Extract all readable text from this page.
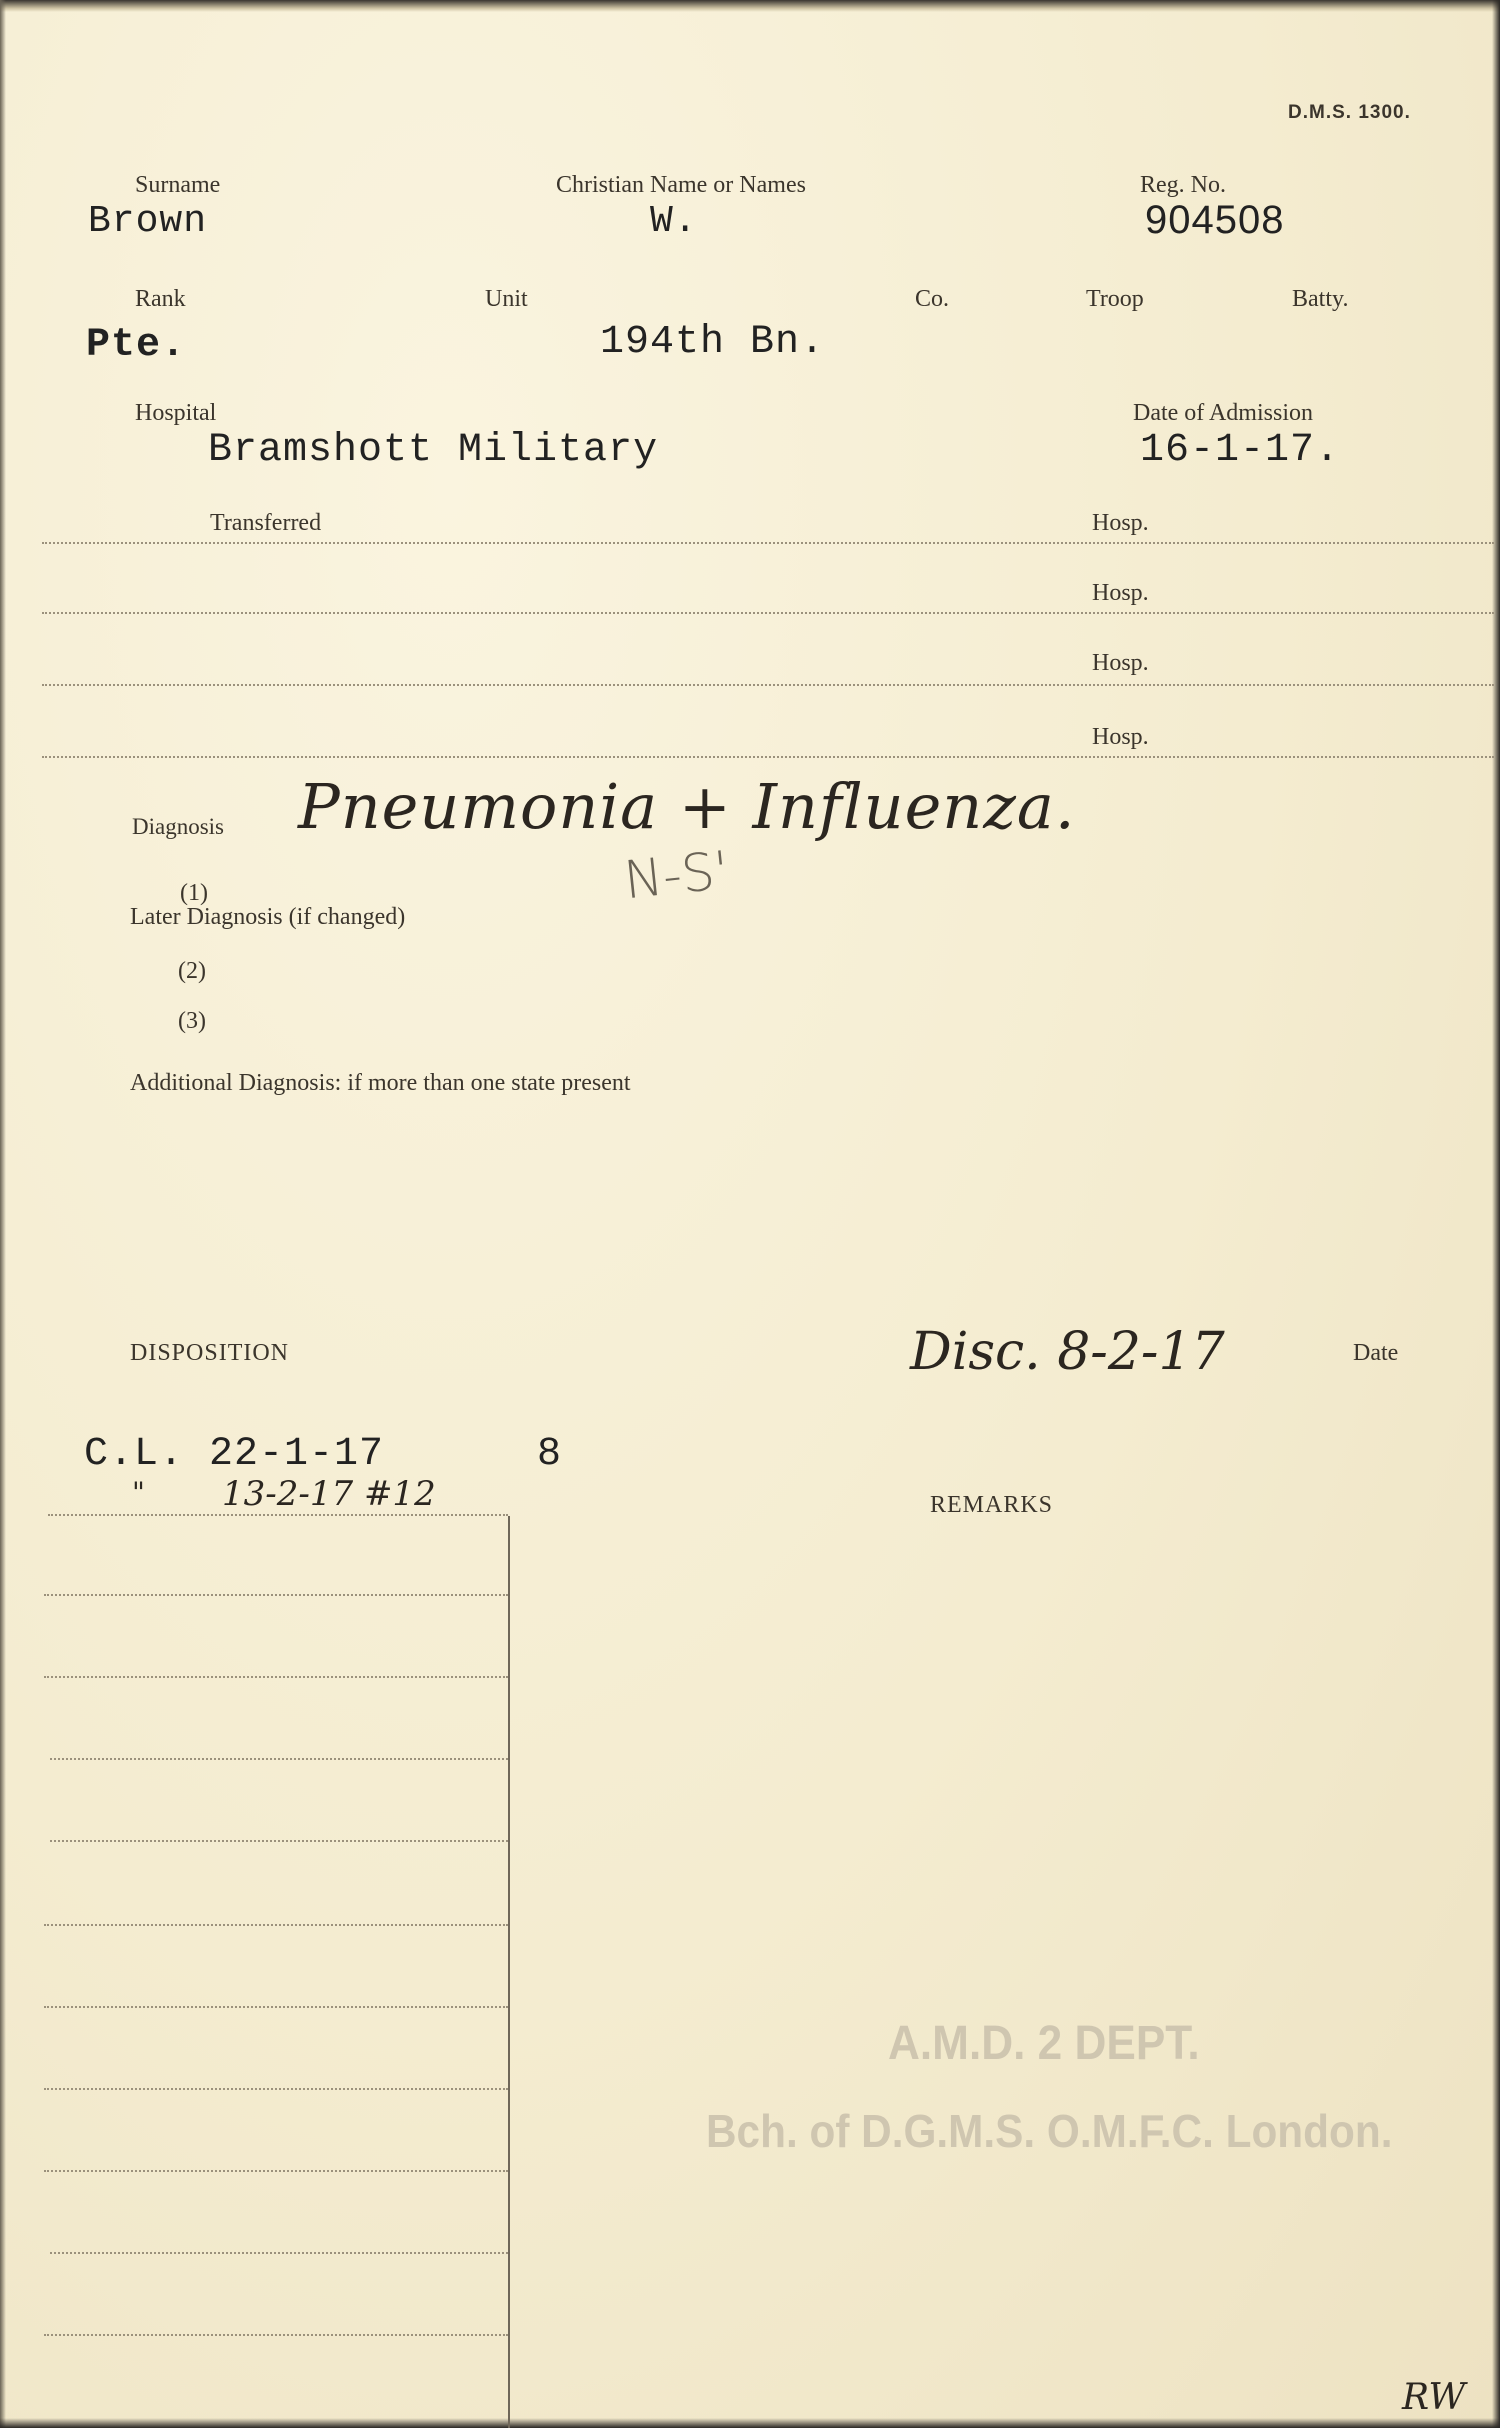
D.M.S. 1300.
Surname	Christian Name or Names	Reg. No.
Brown	W.	904508
Rank	Unit	Co.	Troop	Batty.
Pte.	194th Bn.
Hospital	Date of Admission
Bramshott Military	16-1-17.
Transferred	Hosp.
Hosp.
Hosp.
Hosp.
Diagnosis Pneumonia + Influenza.
N-S'
(1)
Later Diagnosis (if changed)
(2)
(3)
Additional Diagnosis: if more than one state present
DISPOSITION	Disc. 8-2-17	Date
C.L. 22-1-17	8
" 13-2-17 #12	REMARKS
A.M.D. 2 DEPT.
Bch. of D.G.M.S. O.M.F.C. London.
RW
